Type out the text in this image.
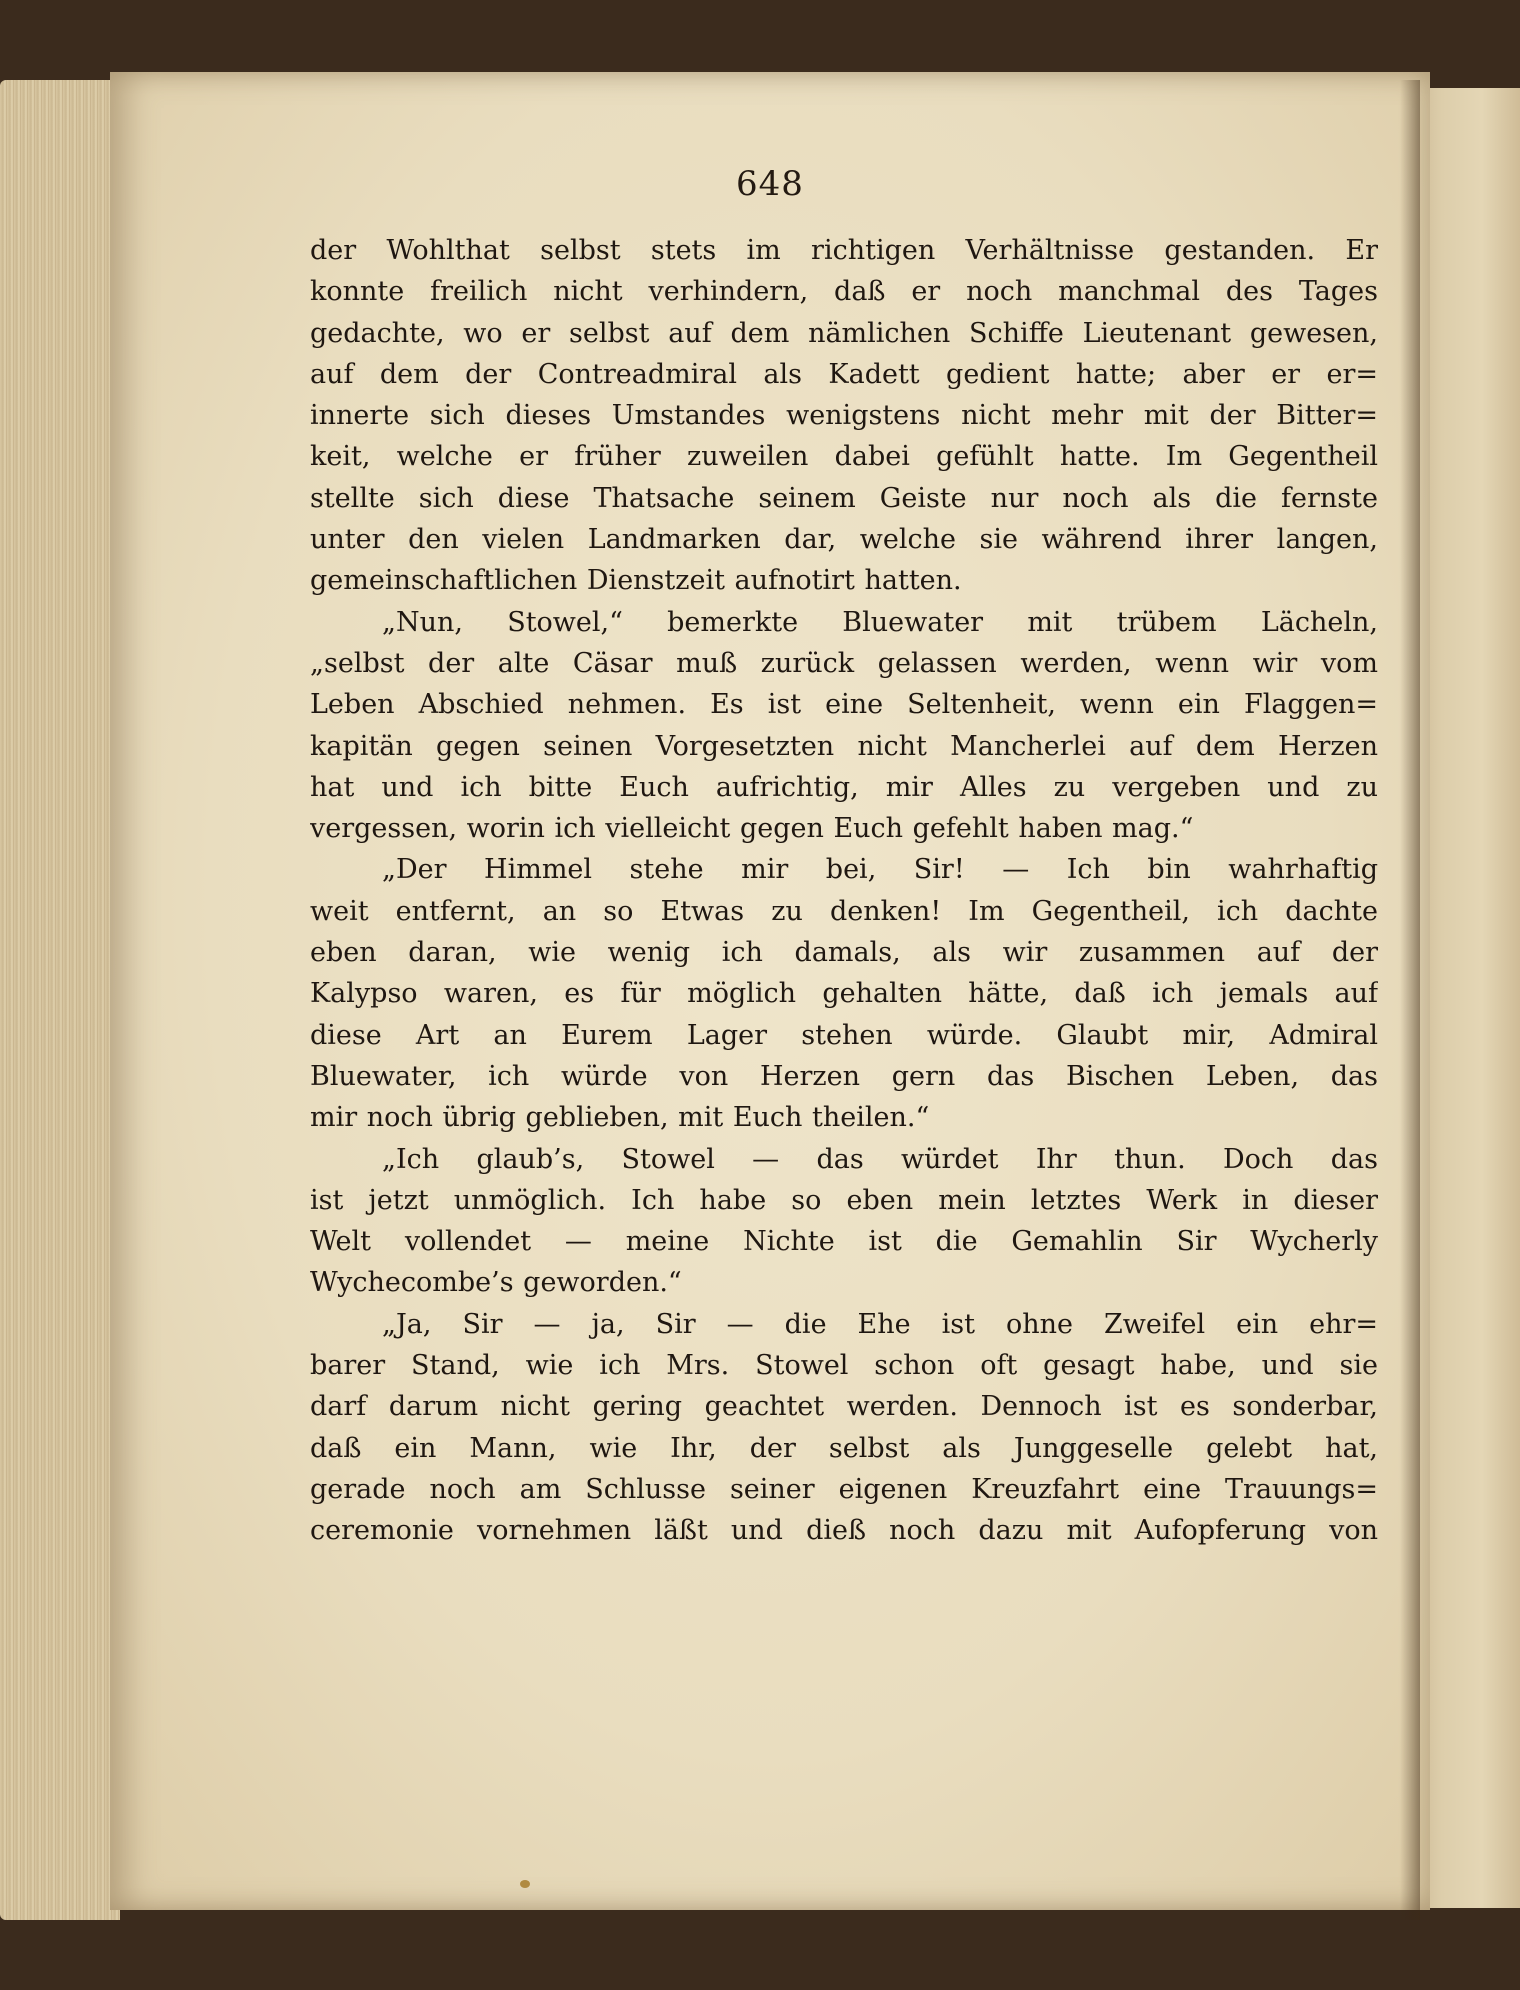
648
der Wohlthat selbst stets im richtigen Verhältnisse gestanden. Er
konnte freilich nicht verhindern, daß er noch manchmal des Tages
gedachte, wo er selbst auf dem nämlichen Schiffe Lieutenant gewesen,
auf dem der Contreadmiral als Kadett gedient hatte; aber er er=
innerte sich dieses Umstandes wenigstens nicht mehr mit der Bitter=
keit, welche er früher zuweilen dabei gefühlt hatte. Im Gegentheil
stellte sich diese Thatsache seinem Geiste nur noch als die fernste
unter den vielen Landmarken dar, welche sie während ihrer langen,
gemeinschaftlichen Dienstzeit aufnotirt hatten.
„Nun, Stowel,“ bemerkte Bluewater mit trübem Lächeln,
„selbst der alte Cäsar muß zurück gelassen werden, wenn wir vom
Leben Abschied nehmen. Es ist eine Seltenheit, wenn ein Flaggen=
kapitän gegen seinen Vorgesetzten nicht Mancherlei auf dem Herzen
hat und ich bitte Euch aufrichtig, mir Alles zu vergeben und zu
vergessen, worin ich vielleicht gegen Euch gefehlt haben mag.“
„Der Himmel stehe mir bei, Sir! — Ich bin wahrhaftig
weit entfernt, an so Etwas zu denken! Im Gegentheil, ich dachte
eben daran, wie wenig ich damals, als wir zusammen auf der
Kalypso waren, es für möglich gehalten hätte, daß ich jemals auf
diese Art an Eurem Lager stehen würde. Glaubt mir, Admiral
Bluewater, ich würde von Herzen gern das Bischen Leben, das
mir noch übrig geblieben, mit Euch theilen.“
„Ich glaub’s, Stowel — das würdet Ihr thun. Doch das
ist jetzt unmöglich. Ich habe so eben mein letztes Werk in dieser
Welt vollendet — meine Nichte ist die Gemahlin Sir Wycherly
Wychecombe’s geworden.“
„Ja, Sir — ja, Sir — die Ehe ist ohne Zweifel ein ehr=
barer Stand, wie ich Mrs. Stowel schon oft gesagt habe, und sie
darf darum nicht gering geachtet werden. Dennoch ist es sonderbar,
daß ein Mann, wie Ihr, der selbst als Junggeselle gelebt hat,
gerade noch am Schlusse seiner eigenen Kreuzfahrt eine Trauungs=
ceremonie vornehmen läßt und dieß noch dazu mit Aufopferung von
